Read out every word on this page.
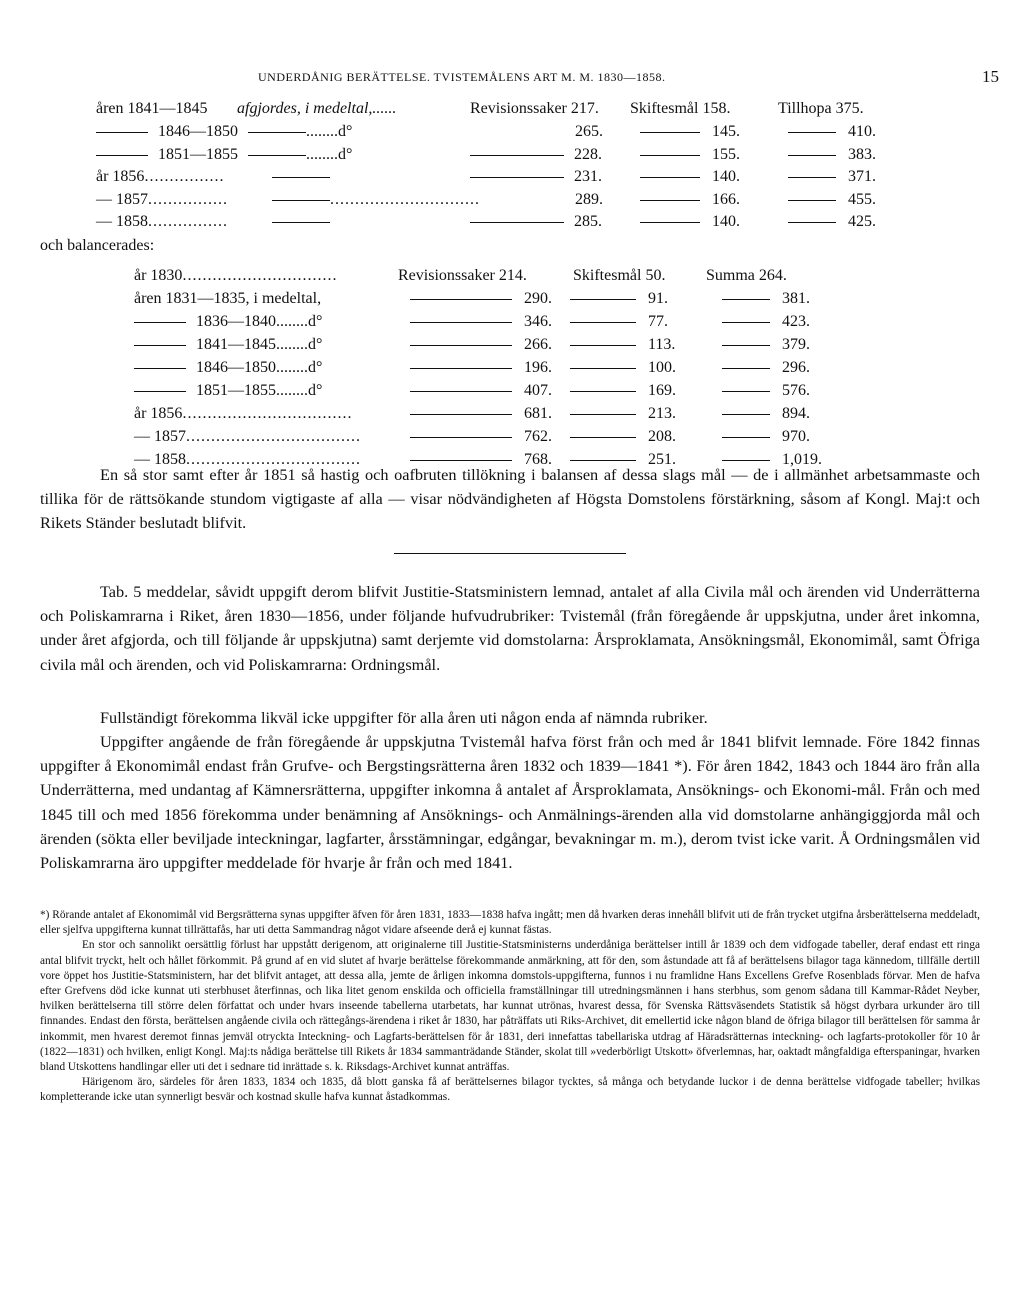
UNDERDÅNIG BERÄTTELSE. TVISTEMÅLENS ART M. M. 1830—1858.	15
åren 1841—1845 afgjordes, i medeltal,......	Revisionssaker 217. Skiftesmål 158.	Tillhopa 375.
1846—1850	........d°	265.	145.	410.
1851—1855	........d°	228.	155.	383.
år 1856................	231.	140.	371.
— 1857................	..............................	289.	166.	455.
— 1858................	285.	140.	425.
och balancerades:
år 1830...............................	Revisionssaker 214.	Skiftesmål 50.	Summa 264.
åren 1831—1835, i medeltal,	290.	91.	381.
1836—1840........d°	346.	77.	423.
1841—1845........d°	266.	113.	379.
1846—1850........d°	196.	100.	296.
1851—1855........d°	407.	169.	576.
år 1856..................................	681.	213.	894.
— 1857...................................	762.	208.	970.
— 1858...................................	768.	251.	1,019.
En så stor samt efter år 1851 så hastig och oafbruten tillökning i balansen af dessa slags mål — de i allmänhet arbetsammaste och tillika för de rättsökande stundom vigtigaste af alla — visar nödvändigheten af Högsta Domstolens förstärkning, såsom af Kongl. Maj:t och Rikets Ständer beslutadt blifvit.
Tab. 5 meddelar, såvidt uppgift derom blifvit Justitie-Statsministern lemnad, antalet af alla Civila mål och ärenden vid Underrätterna och Poliskamrarna i Riket, åren 1830—1856, under följande hufvudrubriker: Tvistemål (från föregående år uppskjutna, under året inkomna, under året afgjorda, och till följande år uppskjutna) samt derjemte vid domstolarna: Årsproklamata, Ansökningsmål, Ekonomimål, samt Öfriga civila mål och ärenden, och vid Poliskamrarna: Ordningsmål.
Fullständigt förekomma likväl icke uppgifter för alla åren uti någon enda af nämnda rubriker.
Uppgifter angående de från föregående år uppskjutna Tvistemål hafva först från och med år 1841 blifvit lemnade. Före 1842 finnas uppgifter å Ekonomimål endast från Grufve- och Bergstingsrätterna åren 1832 och 1839—1841 *). För åren 1842, 1843 och 1844 äro från alla Underrätterna, med undantag af Kämnersrätterna, uppgifter inkomna å antalet af Årsproklamata, Ansöknings- och Ekonomi-mål. Från och med 1845 till och med 1856 förekomma under benämning af Ansöknings- och Anmälnings-ärenden alla vid domstolarne anhängiggjorda mål och ärenden (sökta eller beviljade inteckningar, lagfarter, årsstämningar, edgångar, bevakningar m. m.), derom tvist icke varit. Å Ordningsmålen vid Poliskamrarna äro uppgifter meddelade för hvarje år från och med 1841.

*) Rörande antalet af Ekonomimål vid Bergsrätterna synas uppgifter äfven för åren 1831, 1833—1838 hafva ingått; men då hvarken deras innehåll blifvit uti de från trycket utgifna årsberättelserna meddeladt, eller sjelfva uppgifterna kunnat tillrättafås, har uti detta Sammandrag något vidare afseende derå ej kunnat fästas.

En stor och sannolikt oersättlig förlust har uppstått derigenom, att originalerne till Justitie-Statsministerns underdåniga berättelser intill år 1839 och dem vidfogade tabeller, deraf endast ett ringa antal blifvit tryckt, helt och hållet förkommit. På grund af en vid slutet af hvarje berättelse förekommande anmärkning, att för den, som åstundade att få af berättelsens bilagor taga kännedom, tillfälle dertill vore öppet hos Justitie-Statsministern, har det blifvit antaget, att dessa alla, jemte de årligen inkomna domstols-uppgifterna, funnos i nu framlidne Hans Excellens Grefve Rosenblads förvar. Men de hafva efter Grefvens död icke kunnat uti sterbhuset återfinnas, och lika litet genom enskilda och officiella framställningar till utredningsmännen i hans sterbhus, som genom sådana till Kammar-Rådet Neyber, hvilken berättelserna till större delen författat och under hvars inseende tabellerna utarbetats, har kunnat utrönas, hvarest dessa, för Svenska Rättsväsendets Statistik så högst dyrbara urkunder äro till finnandes. Endast den första, berättelsen angående civila och rättegångs-ärendena i riket år 1830, har påträffats uti Riks-Archivet, dit emellertid icke någon bland de öfriga bilagor till berättelsen för samma år inkommit, men hvarest deremot finnas jemväl otryckta Inteckning- och Lagfarts-berättelsen för år 1831, deri innefattas tabellariska utdrag af Häradsrätternas inteckning- och lagfarts-protokoller för 10 år (1822—1831) och hvilken, enligt Kongl. Maj:ts nådiga berättelse till Rikets år 1834 sammanträdande Ständer, skolat till »vederbörligt Utskott» öfverlemnas, har, oaktadt mångfaldiga efterspaningar, hvarken bland Utskottens handlingar eller uti det i sednare tid inrättade s. k. Riksdags-Archivet kunnat anträffas.

Härigenom äro, särdeles för åren 1833, 1834 och 1835, då blott ganska få af berättelsernes bilagor tycktes, så många och betydande luckor i de denna berättelse vidfogade tabeller; hvilkas kompletterande icke utan synnerligt besvär och kostnad skulle hafva kunnat åstadkommas.
